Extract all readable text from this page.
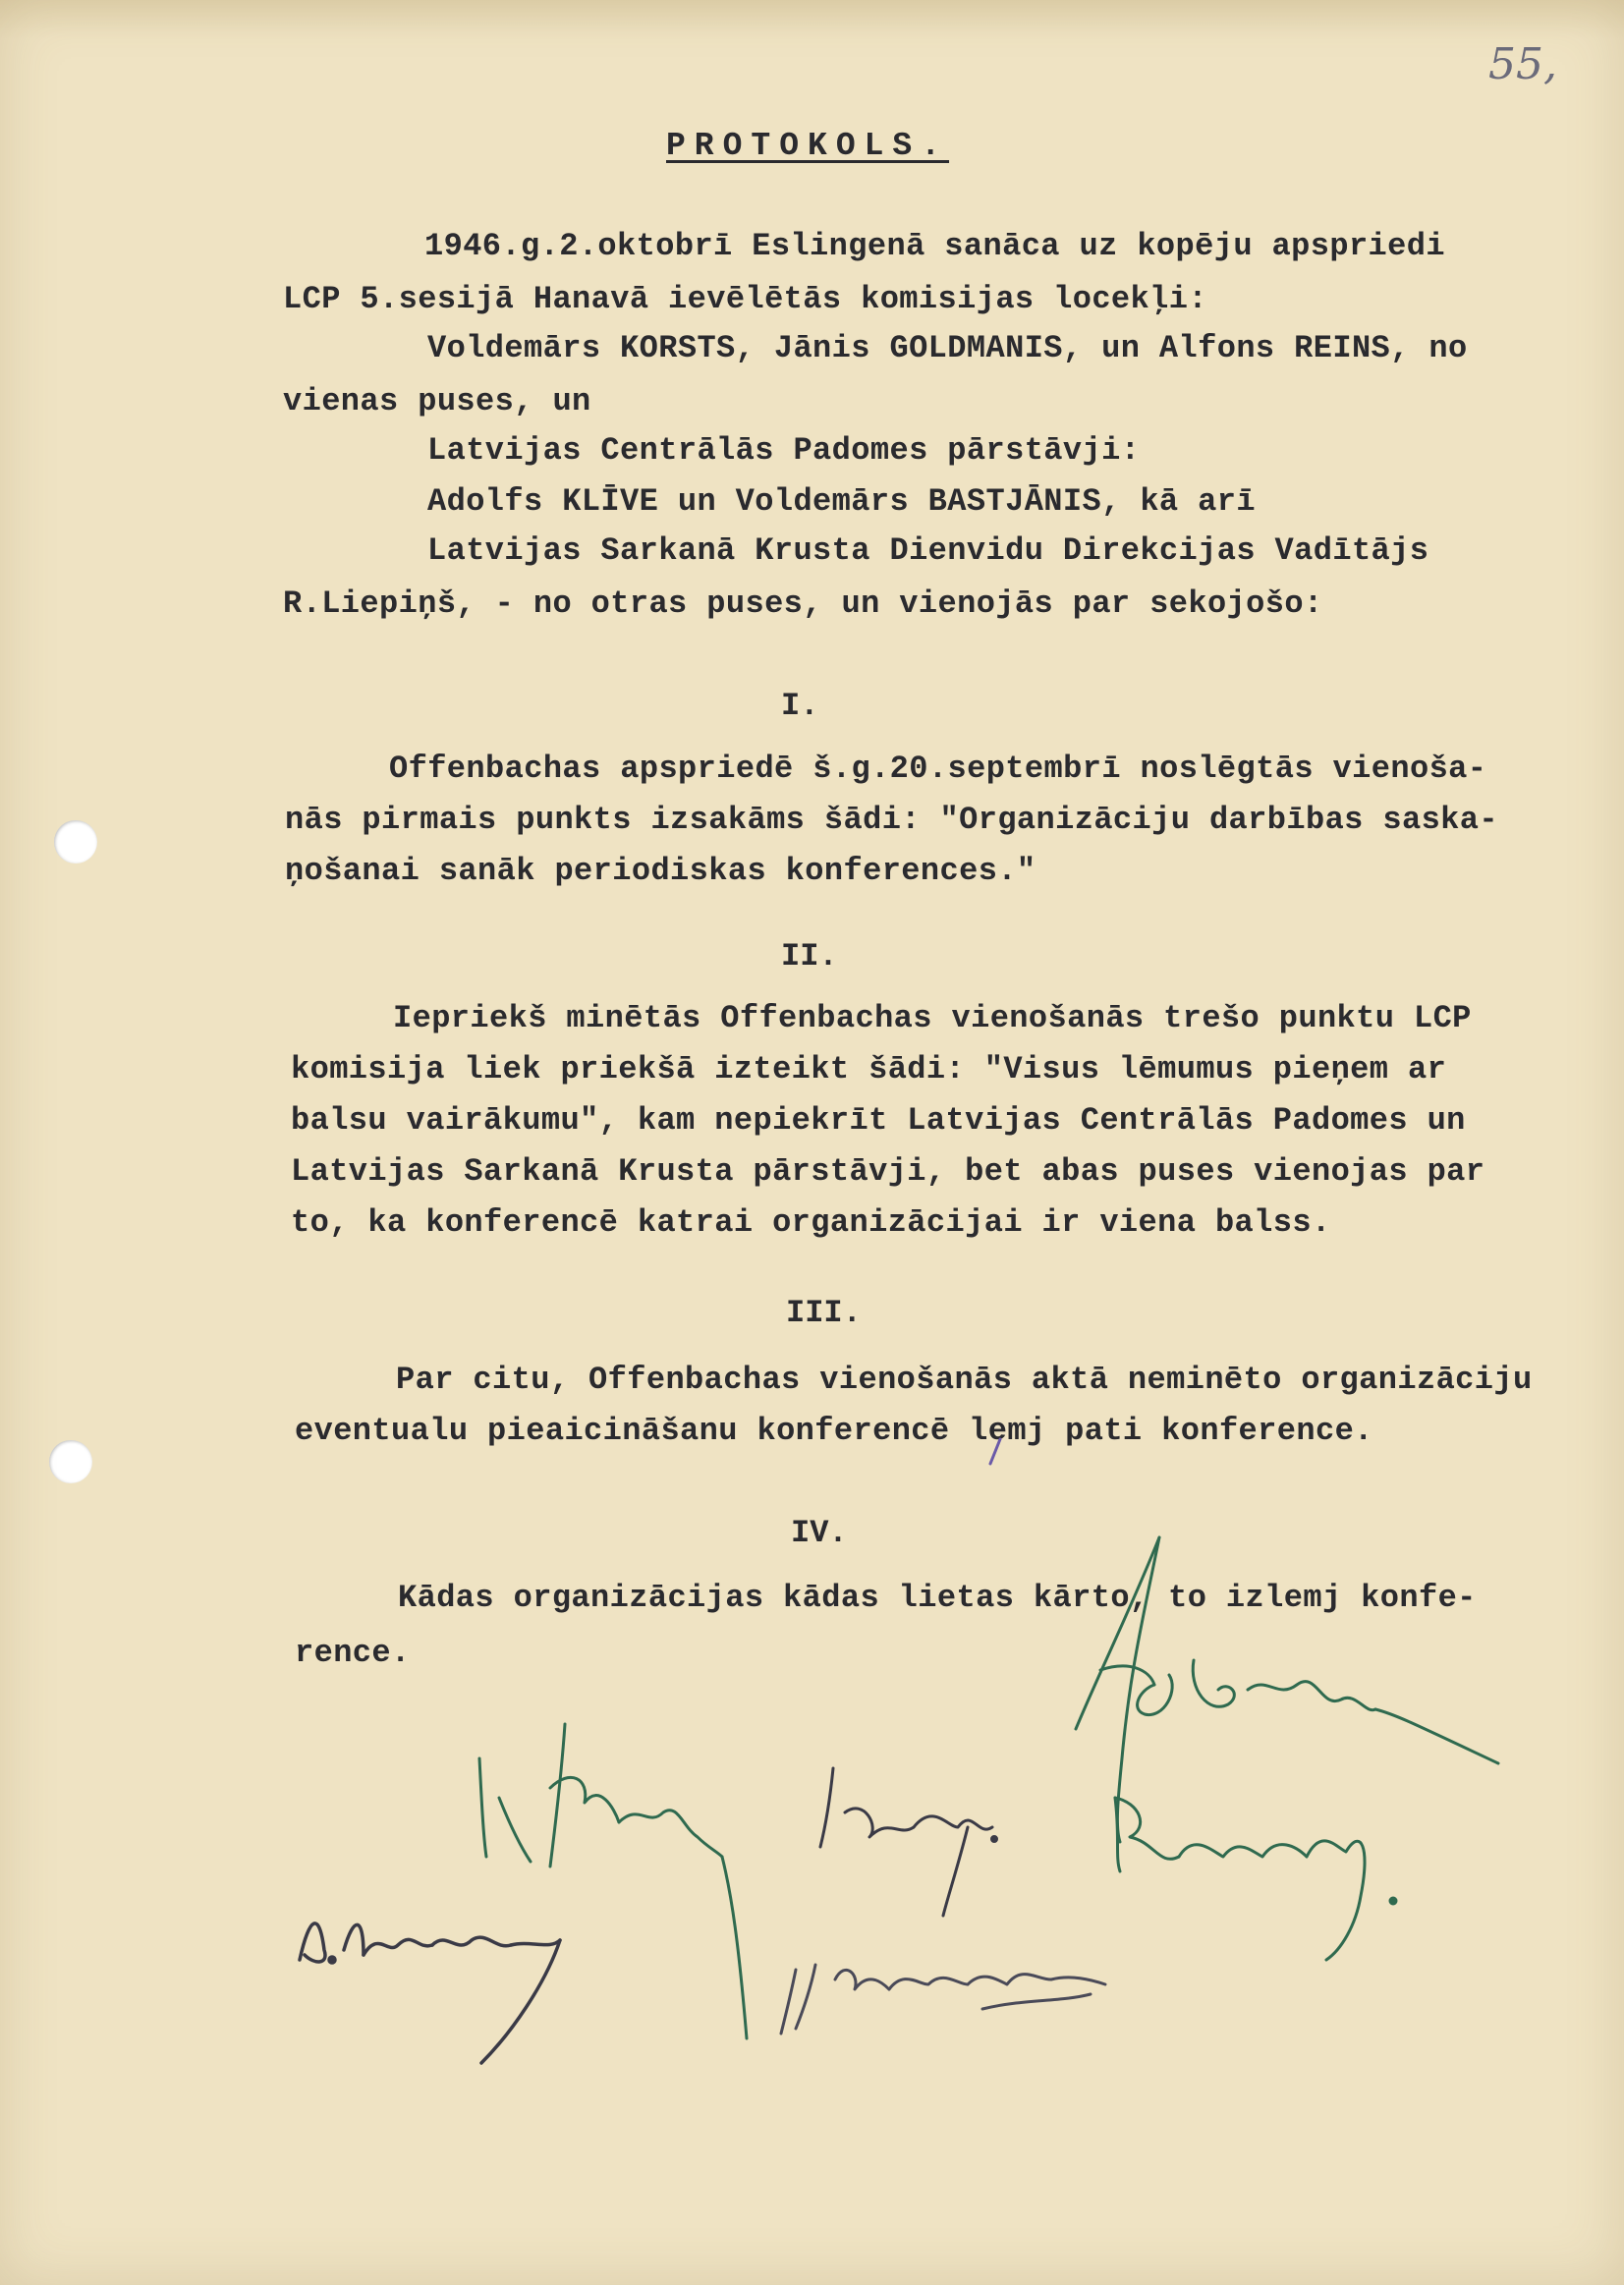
55,
PROTOKOLS.

1946.g.2.oktobrī Eslingenā sanāca uz kopēju apspriedi

LCP 5.sesijā Hanavā ievēlētās komisijas locekļi:

Voldemārs KORSTS, Jānis GOLDMANIS, un Alfons REINS, no

vienas puses, un

Latvijas Centrālās Padomes pārstāvji:

Adolfs KLĪVE un Voldemārs BASTJĀNIS, kā arī

Latvijas Sarkanā Krusta Dienvidu Direkcijas Vadītājs

R.Liepiņš, - no otras puses, un vienojās par sekojošo:

I.

Offenbachas apspriedē š.g.20.septembrī noslēgtās vienoša-

nās pirmais punkts izsakāms šādi: "Organizāciju darbības saska-

ņošanai sanāk periodiskas konferences."

II.

Iepriekš minētās Offenbachas vienošanās trešo punktu LCP

komisija liek priekšā izteikt šādi: "Visus lēmumus pieņem ar

balsu vairākumu", kam nepiekrīt Latvijas Centrālās Padomes un

Latvijas Sarkanā Krusta pārstāvji, bet abas puses vienojas par

to, ka konferencē katrai organizācijai ir viena balss.

III.

Par citu, Offenbachas vienošanās aktā neminēto organizāciju

eventualu pieaicināšanu konferencē lemj pati konference.

IV.

Kādas organizācijas kādas lietas kārto, to izlemj konfe-

rence.
